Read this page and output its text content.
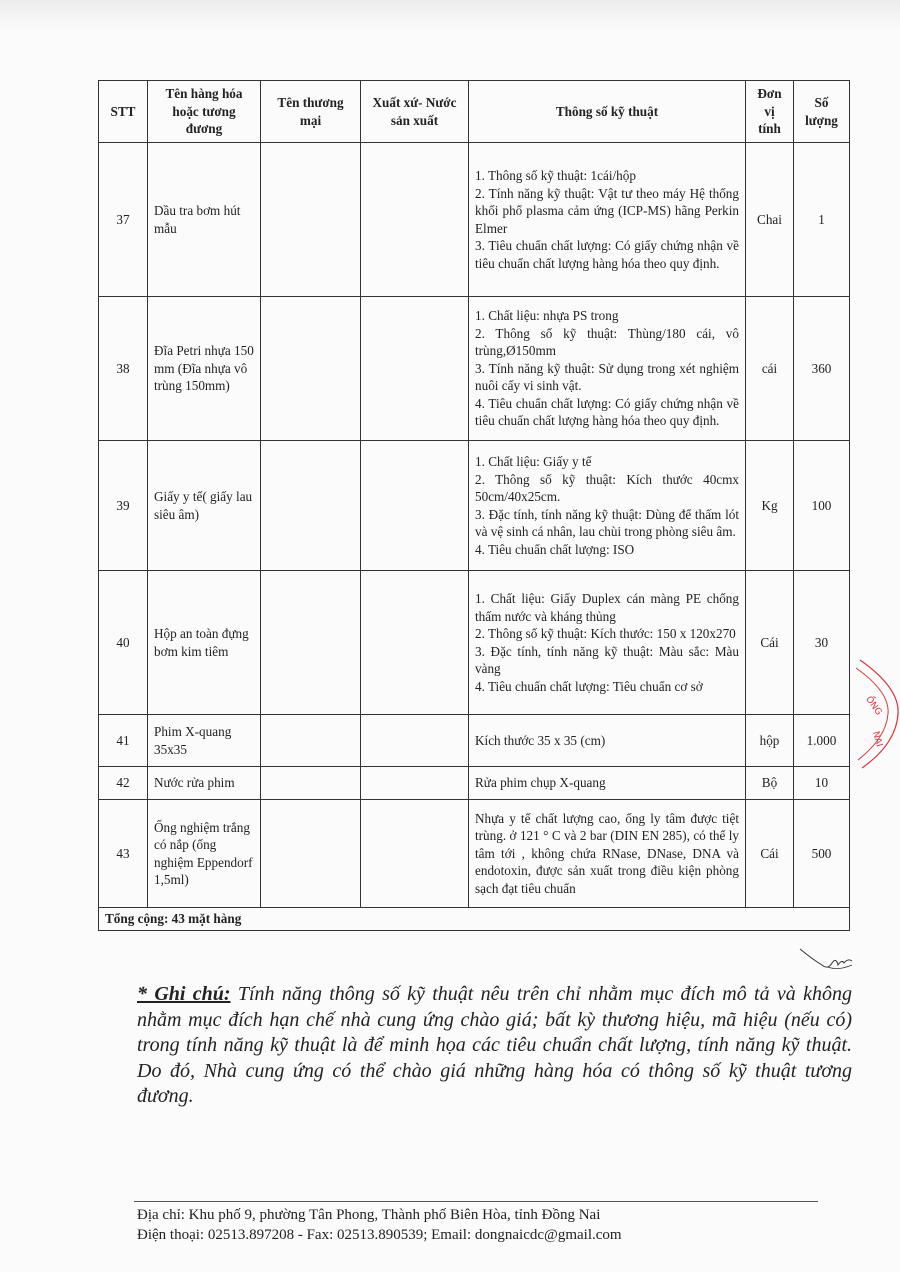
STT	Tên hàng hóa hoặc tương đương	Tên thương mại	Xuất xứ- Nước sản xuất	Thông số kỹ thuật	Đơn vị tính	Số lượng
37	Dầu tra bơm hút mẫu			1. Thông số kỹ thuật: 1cái/hộp
2. Tính năng kỹ thuật: Vật tư theo máy Hệ thống khối phổ plasma cảm ứng (ICP-MS) hãng Perkin Elmer
3. Tiêu chuẩn chất lượng: Có giấy chứng nhận về tiêu chuẩn chất lượng hàng hóa theo quy định.	Chai	1
38	Đĩa Petri nhựa 150 mm (Đĩa nhựa vô trùng 150mm)			1. Chất liệu: nhựa PS trong
2. Thông số kỹ thuật: Thùng/180 cái, vô trùng,Ø150mm
3. Tính năng kỹ thuật: Sử dụng trong xét nghiệm nuôi cấy vi sinh vật.
4. Tiêu chuẩn chất lượng: Có giấy chứng nhận về tiêu chuẩn chất lượng hàng hóa theo quy định.	cái	360
39	Giấy y tế( giấy lau siêu âm)			1. Chất liệu: Giấy y tế
2. Thông số kỹ thuật: Kích thước 40cmx 50cm/40x25cm.
3. Đặc tính, tính năng kỹ thuật: Dùng để thấm lót và vệ sinh cá nhân, lau chùi trong phòng siêu âm.
4. Tiêu chuẩn chất lượng: ISO	Kg	100
40	Hộp an toàn đựng bơm kim tiêm			1. Chất liệu: Giấy Duplex cán màng PE chống thấm nước và kháng thủng
2. Thông số kỹ thuật: Kích thước: 150 x 120x270
3. Đặc tính, tính năng kỹ thuật: Màu sắc: Màu vàng
4. Tiêu chuẩn chất lượng: Tiêu chuẩn cơ sở	Cái	30
41	Phim X-quang 35x35			Kích thước 35 x 35 (cm)	hộp	1.000
42	Nước rửa phim			Rửa phim chụp X-quang	Bộ	10
43	Ống nghiệm trắng có nắp (ống nghiệm Eppendorf 1,5ml)			Nhựa y tế chất lượng cao, ống ly tâm được tiệt trùng. ở 121 ° C và 2 bar (DIN EN 285), có thể ly tâm tới , không chứa RNase, DNase, DNA và endotoxin, được sản xuất trong điều kiện phòng sạch đạt tiêu chuẩn	Cái	500
Tổng cộng: 43 mặt hàng						
ỒNG
NAI
* Ghi chú: Tính năng thông số kỹ thuật nêu trên chỉ nhằm mục đích mô tả và không nhằm mục đích hạn chế nhà cung ứng chào giá; bất kỳ thương hiệu, mã hiệu (nếu có) trong tính năng kỹ thuật là để minh họa các tiêu chuẩn chất lượng, tính năng kỹ thuật. Do đó, Nhà cung ứng có thể chào giá những hàng hóa có thông số kỹ thuật tương đương.
Địa chỉ: Khu phố 9, phường Tân Phong, Thành phố Biên Hòa, tỉnh Đồng Nai
Điện thoại: 02513.897208 - Fax: 02513.890539; Email: dongnaicdc@gmail.com
